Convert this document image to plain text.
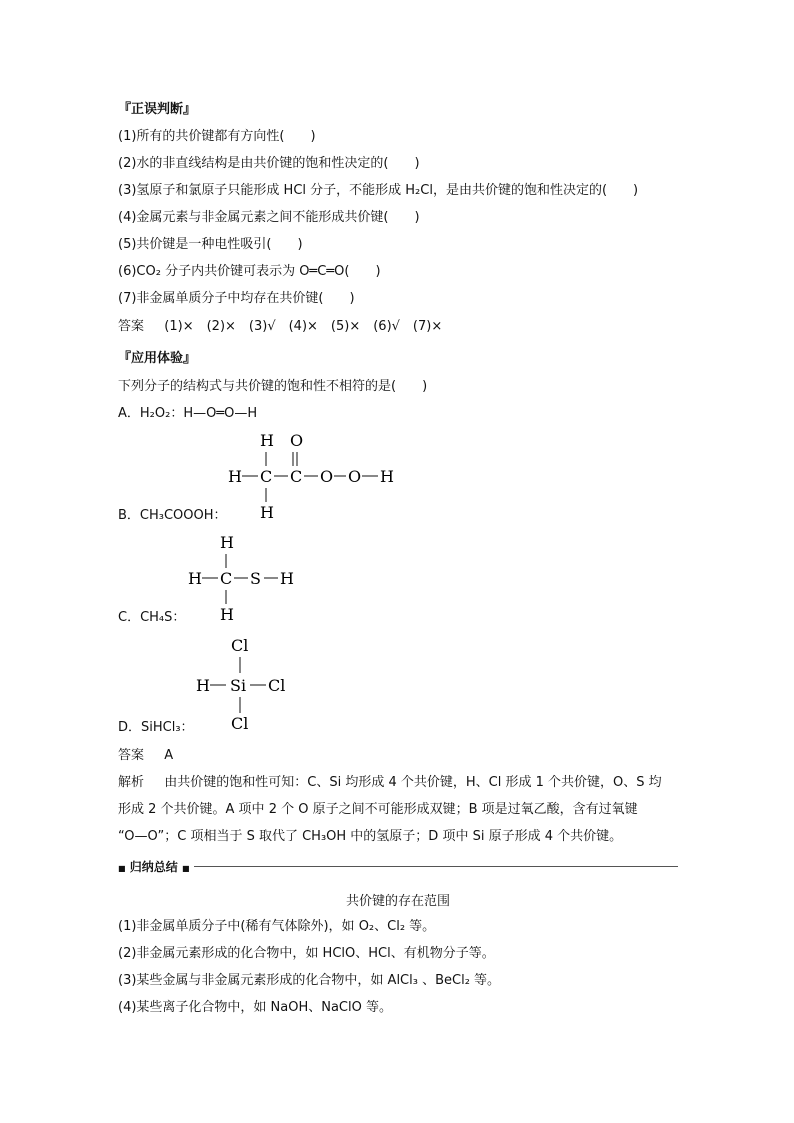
『正误判断』
(1)所有的共价键都有方向性(　　)
(2)水的非直线结构是由共价键的饱和性决定的(　　)
(3)氢原子和氯原子只能形成 HCl 分子，不能形成 H₂Cl，是由共价键的饱和性决定的(　　)
(4)金属元素与非金属元素之间不能形成共价键(　　)
(5)共价键是一种电性吸引(　　)
(6)CO₂ 分子内共价键可表示为 O═C═O(　　)
(7)非金属单质分子中均存在共价键(　　)
答案 (1)×　(2)×　(3)√　(4)×　(5)×　(6)√　(7)×
『应用体验』
下列分子的结构式与共价键的饱和性不相符的是(　　)
A．H₂O₂：H—O═O—H
H O
H C C O O H
H
B．CH₃COOOH：
H
H C S H
H
C．CH₄S：
Cl
H Si Cl
Cl
D．SiHCl₃：
答案 A
解析 由共价键的饱和性可知：C、Si 均形成 4 个共价键，H、Cl 形成 1 个共价键，O、S 均
形成 2 个共价键。A 项中 2 个 O 原子之间不可能形成双键；B 项是过氧乙酸，含有过氧键
“O—O”；C 项相当于 S 取代了 CH₃OH 中的氢原子；D 项中 Si 原子形成 4 个共价键。
■ 归纳总结 ■
共价键的存在范围
(1)非金属单质分子中(稀有气体除外)，如 O₂、Cl₂ 等。
(2)非金属元素形成的化合物中，如 HClO、HCl、有机物分子等。
(3)某些金属与非金属元素形成的化合物中，如 AlCl₃ 、BeCl₂ 等。
(4)某些离子化合物中，如 NaOH、NaClO 等。
